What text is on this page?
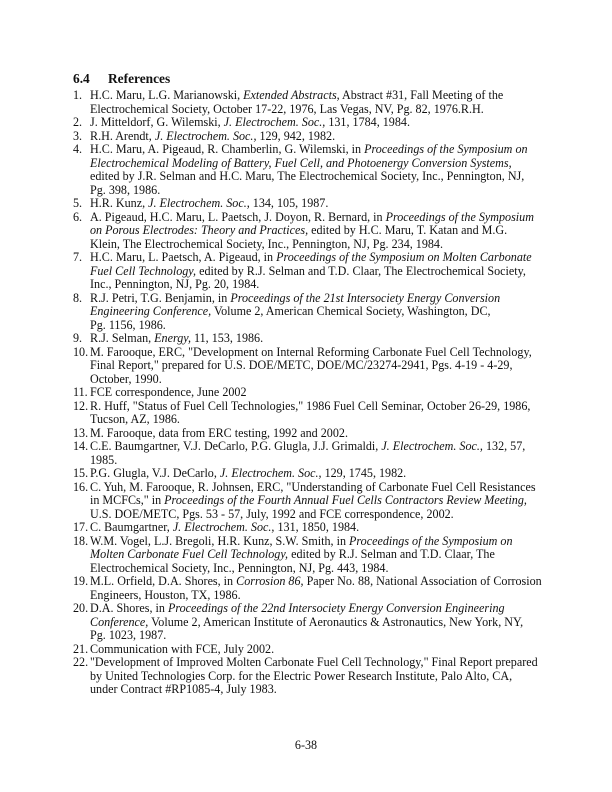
6.4 References
1. H.C. Maru, L.G. Marianowski, Extended Abstracts, Abstract #31, Fall Meeting of the
Electrochemical Society, October 17-22, 1976, Las Vegas, NV, Pg. 82, 1976.R.H.
2. J. Mitteldorf, G. Wilemski, J. Electrochem. Soc., 131, 1784, 1984.
3. R.H. Arendt, J. Electrochem. Soc., 129, 942, 1982.
4. H.C. Maru, A. Pigeaud, R. Chamberlin, G. Wilemski, in Proceedings of the Symposium on
Electrochemical Modeling of Battery, Fuel Cell, and Photoenergy Conversion Systems,
edited by J.R. Selman and H.C. Maru, The Electrochemical Society, Inc., Pennington, NJ,
Pg. 398, 1986.
5. H.R. Kunz, J. Electrochem. Soc., 134, 105, 1987.
6. A. Pigeaud, H.C. Maru, L. Paetsch, J. Doyon, R. Bernard, in Proceedings of the Symposium
on Porous Electrodes: Theory and Practices, edited by H.C. Maru, T. Katan and M.G.
Klein, The Electrochemical Society, Inc., Pennington, NJ, Pg. 234, 1984.
7. H.C. Maru, L. Paetsch, A. Pigeaud, in Proceedings of the Symposium on Molten Carbonate
Fuel Cell Technology, edited by R.J. Selman and T.D. Claar, The Electrochemical Society,
Inc., Pennington, NJ, Pg. 20, 1984.
8. R.J. Petri, T.G. Benjamin, in Proceedings of the 21st Intersociety Energy Conversion
Engineering Conference, Volume 2, American Chemical Society, Washington, DC,
Pg. 1156, 1986.
9. R.J. Selman, Energy, 11, 153, 1986.
10. M. Farooque, ERC, "Development on Internal Reforming Carbonate Fuel Cell Technology,
Final Report," prepared for U.S. DOE/METC, DOE/MC/23274-2941, Pgs. 4-19 - 4-29,
October, 1990.
11. FCE correspondence, June 2002
12. R. Huff, "Status of Fuel Cell Technologies," 1986 Fuel Cell Seminar, October 26-29, 1986,
Tucson, AZ, 1986.
13. M. Farooque, data from ERC testing, 1992 and 2002.
14. C.E. Baumgartner, V.J. DeCarlo, P.G. Glugla, J.J. Grimaldi, J. Electrochem. Soc., 132, 57,
1985.
15. P.G. Glugla, V.J. DeCarlo, J. Electrochem. Soc., 129, 1745, 1982.
16. C. Yuh, M. Farooque, R. Johnsen, ERC, "Understanding of Carbonate Fuel Cell Resistances
in MCFCs," in Proceedings of the Fourth Annual Fuel Cells Contractors Review Meeting,
U.S. DOE/METC, Pgs. 53 - 57, July, 1992 and FCE correspondence, 2002.
17. C. Baumgartner, J. Electrochem. Soc., 131, 1850, 1984.
18. W.M. Vogel, L.J. Bregoli, H.R. Kunz, S.W. Smith, in Proceedings of the Symposium on
Molten Carbonate Fuel Cell Technology, edited by R.J. Selman and T.D. Claar, The
Electrochemical Society, Inc., Pennington, NJ, Pg. 443, 1984.
19. M.L. Orfield, D.A. Shores, in Corrosion 86, Paper No. 88, National Association of Corrosion
Engineers, Houston, TX, 1986.
20. D.A. Shores, in Proceedings of the 22nd Intersociety Energy Conversion Engineering
Conference, Volume 2, American Institute of Aeronautics & Astronautics, New York, NY,
Pg. 1023, 1987.
21. Communication with FCE, July 2002.
22. "Development of Improved Molten Carbonate Fuel Cell Technology," Final Report prepared
by United Technologies Corp. for the Electric Power Research Institute, Palo Alto, CA,
under Contract #RP1085-4, July 1983.
6-38
